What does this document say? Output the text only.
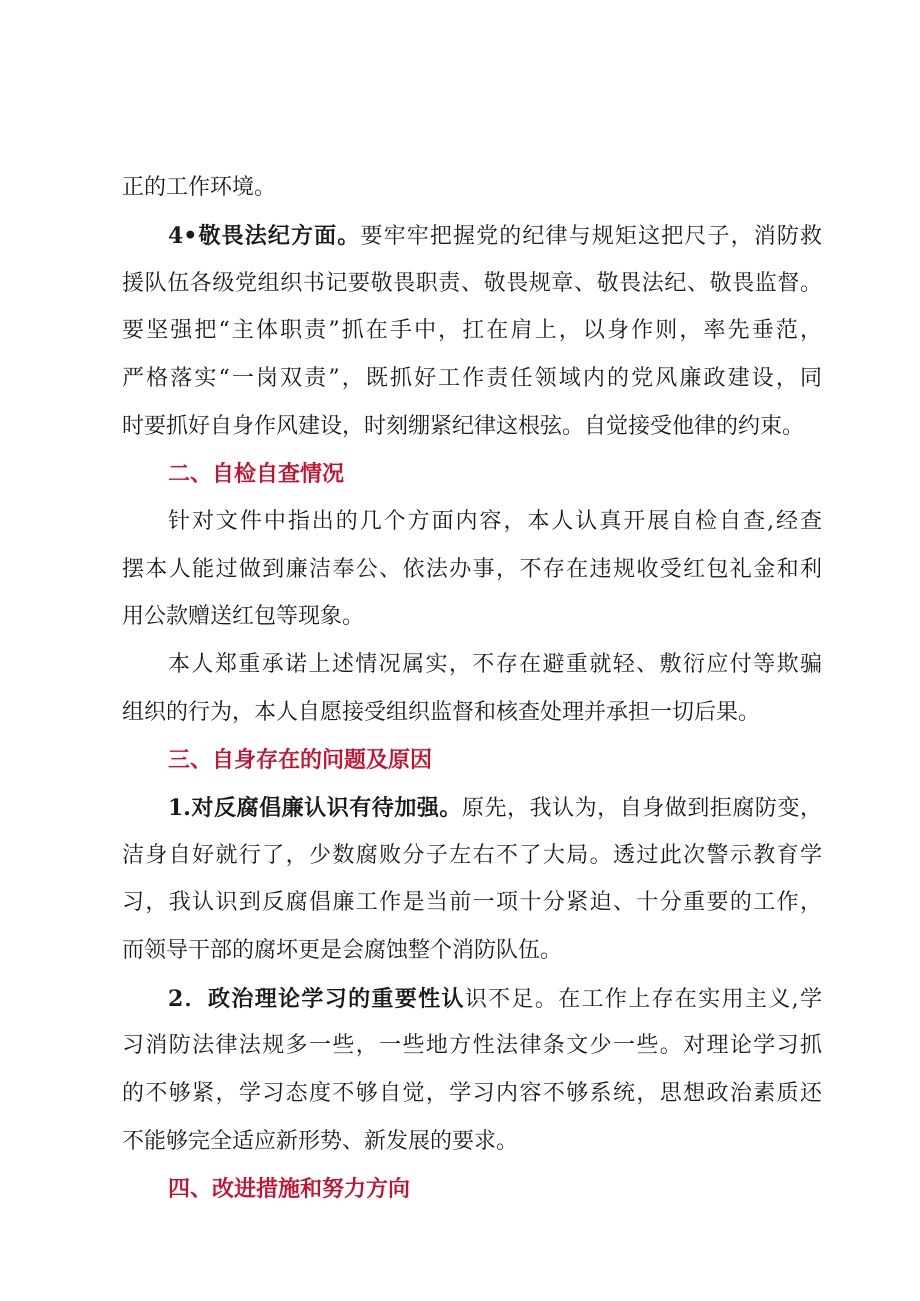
正的工作环境。
4•敬畏法纪方面。要牢牢把握党的纪律与规矩这把尺子，消防救
援队伍各级党组织书记要敬畏职责、敬畏规章、敬畏法纪、敬畏监督。
要坚强把“主体职责”抓在手中，扛在肩上，以身作则，率先垂范，
严格落实“一岗双责”，既抓好工作责任领域内的党风廉政建设，同
时要抓好自身作风建设，时刻绷紧纪律这根弦。自觉接受他律的约束。
二、自检自查情况
针对文件中指出的几个方面内容，本人认真开展自检自查,经查
摆本人能过做到廉洁奉公、依法办事，不存在违规收受红包礼金和利
用公款赠送红包等现象。
本人郑重承诺上述情况属实，不存在避重就轻、敷衍应付等欺骗
组织的行为，本人自愿接受组织监督和核查处理并承担一切后果。
三、自身存在的问题及原因
1.对反腐倡廉认识有待加强。原先，我认为，自身做到拒腐防变，
洁身自好就行了，少数腐败分子左右不了大局。透过此次警示教育学
习，我认识到反腐倡廉工作是当前一项十分紧迫、十分重要的工作，
而领导干部的腐坏更是会腐蚀整个消防队伍。
2．政治理论学习的重要性认识不足。在工作上存在实用主义,学
习消防法律法规多一些，一些地方性法律条文少一些。对理论学习抓
的不够紧，学习态度不够自觉，学习内容不够系统，思想政治素质还
不能够完全适应新形势、新发展的要求。
四、改进措施和努力方向
